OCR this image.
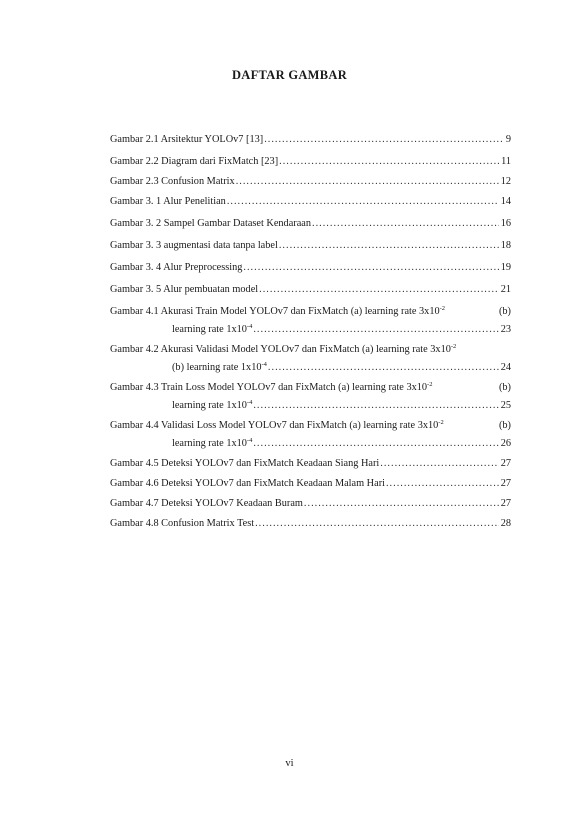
DAFTAR GAMBAR
Gambar 2.1 Arsitektur YOLOv7 [13] .....	9
Gambar 2.2 Diagram dari FixMatch [23] .....	11
Gambar 2.3 Confusion Matrix .....	12
Gambar 3. 1 Alur Penelitian .....	14
Gambar 3. 2 Sampel Gambar Dataset Kendaraan .....	16
Gambar 3. 3 augmentasi data tanpa label .....	18
Gambar 3. 4 Alur Preprocessing .....	19
Gambar 3. 5 Alur pembuatan model .....	21
Gambar 4.1 Akurasi Train Model YOLOv7 dan FixMatch (a) learning rate $3x10^{-2}$	(b)
learning rate $1x10^{-4}$ .....	23
Gambar 4.2 Akurasi Validasi Model YOLOv7 dan FixMatch (a) learning rate $3x10^{-2}$
(b) learning rate $1x10^{-4}$ .....	24
Gambar 4.3 Train Loss Model YOLOv7 dan FixMatch (a) learning rate $3x10^{-2}$	(b)
learning rate $1x10^{-4}$ .....	25
Gambar 4.4 Validasi Loss Model YOLOv7 dan FixMatch (a) learning rate $3x10^{-2}$	(b)
learning rate $1x10^{-4}$ .....	26
Gambar 4.5 Deteksi YOLOv7 dan FixMatch Keadaan Siang Hari .....	27
Gambar 4.6 Deteksi YOLOv7 dan FixMatch Keadaan Malam Hari .....	27
Gambar 4.7 Deteksi YOLOv7 Keadaan Buram .....	27
Gambar 4.8 Confusion Matrix Test .....	28
vi
